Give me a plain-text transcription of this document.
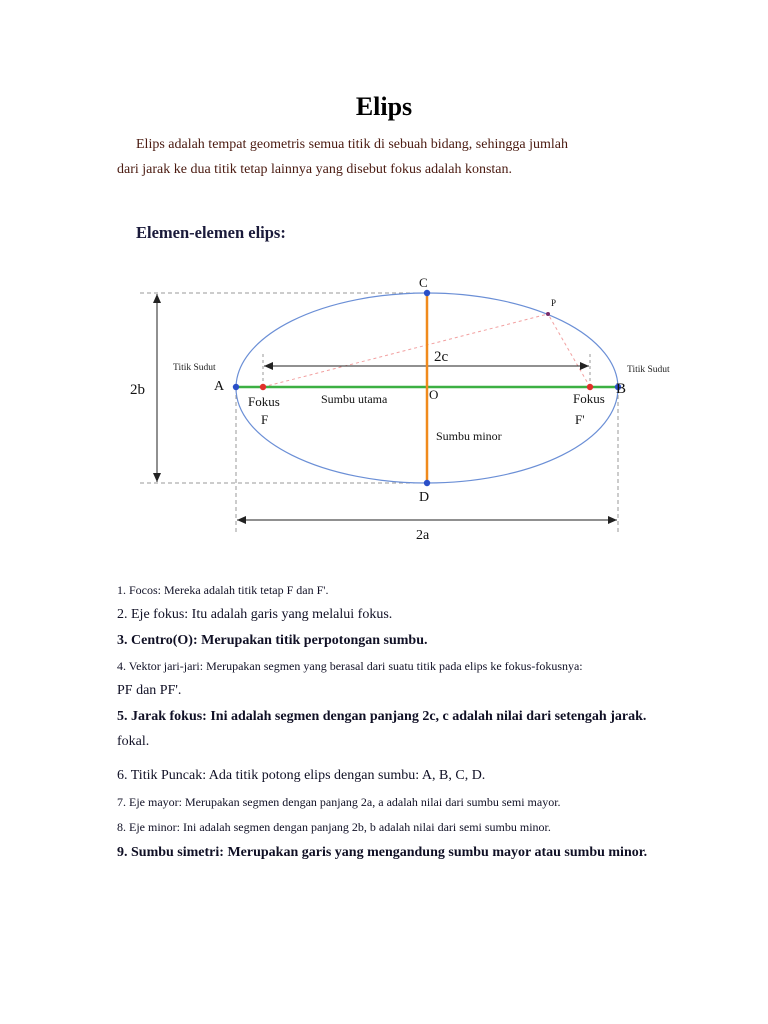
Elips

Elips adalah tempat geometris semua titik di sebuah bidang, sehingga jumlah
dari jarak ke dua titik tetap lainnya yang disebut fokus adalah konstan.

Elemen-elemen elips:
C
P
2c
2b
2a
A	B
O
D
Titik Sudut	Titik Sudut
Fokus	Fokus
F	F'
Sumbu utama
Sumbu minor
1. Focos: Mereka adalah titik tetap F dan F'.
2. Eje fokus: Itu adalah garis yang melalui fokus.
3. Centro(O): Merupakan titik perpotongan sumbu.
4. Vektor jari-jari: Merupakan segmen yang berasal dari suatu titik pada elips ke fokus-fokusnya:
PF dan PF'.
5. Jarak fokus: Ini adalah segmen dengan panjang 2c, c adalah nilai dari setengah jarak.
fokal.
6. Titik Puncak: Ada titik potong elips dengan sumbu: A, B, C, D.
7. Eje mayor: Merupakan segmen dengan panjang 2a, a adalah nilai dari sumbu semi mayor.
8. Eje minor: Ini adalah segmen dengan panjang 2b, b adalah nilai dari semi sumbu minor.
9. Sumbu simetri: Merupakan garis yang mengandung sumbu mayor atau sumbu minor.
